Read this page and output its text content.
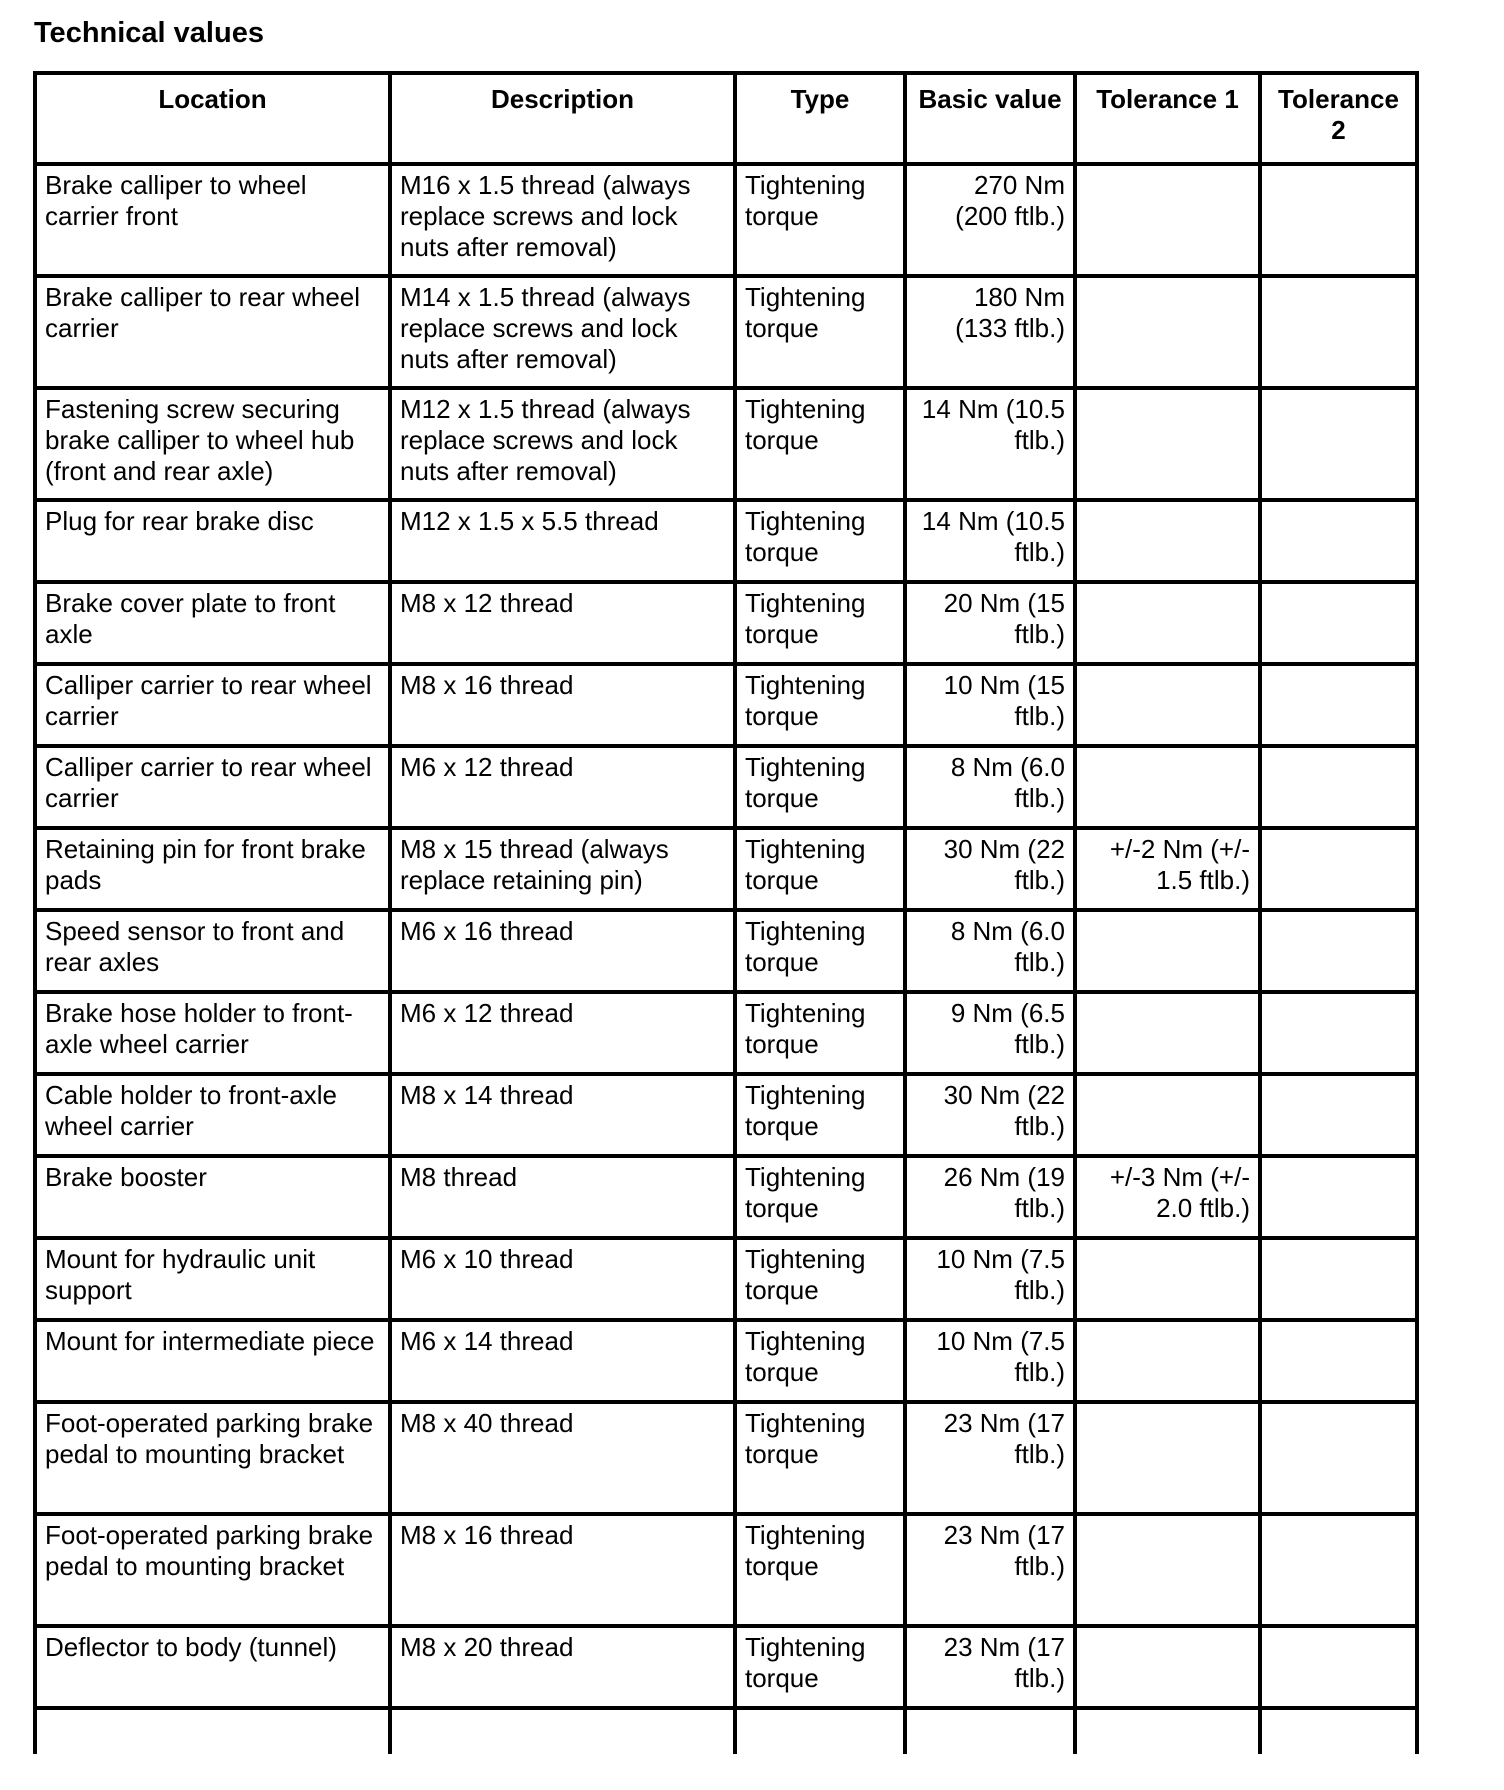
Technical values
Location	Description	Type	Basic value	Tolerance 1	Tolerance 2
Brake calliper to wheel carrier front	M16 x 1.5 thread (always replace screws and lock nuts after removal)	Tightening torque	270 Nm (200 ftlb.)		
Brake calliper to rear wheel carrier	M14 x 1.5 thread (always replace screws and lock nuts after removal)	Tightening torque	180 Nm (133 ftlb.)		
Fastening screw securing brake calliper to wheel hub (front and rear axle)	M12 x 1.5 thread (always replace screws and lock nuts after removal)	Tightening torque	14 Nm (10.5 ftlb.)		
Plug for rear brake disc	M12 x 1.5 x 5.5 thread	Tightening torque	14 Nm (10.5 ftlb.)		
Brake cover plate to front axle	M8 x 12 thread	Tightening torque	20 Nm (15 ftlb.)		
Calliper carrier to rear wheel carrier	M8 x 16 thread	Tightening torque	10 Nm (15 ftlb.)		
Calliper carrier to rear wheel carrier	M6 x 12 thread	Tightening torque	8 Nm (6.0 ftlb.)		
Retaining pin for front brake pads	M8 x 15 thread (always replace retaining pin)	Tightening torque	30 Nm (22 ftlb.)	+/-2 Nm (+/- 1.5 ftlb.)	
Speed sensor to front and rear axles	M6 x 16 thread	Tightening torque	8 Nm (6.0 ftlb.)		
Brake hose holder to front-axle wheel carrier	M6 x 12 thread	Tightening torque	9 Nm (6.5 ftlb.)		
Cable holder to front-axle wheel carrier	M8 x 14 thread	Tightening torque	30 Nm (22 ftlb.)		
Brake booster	M8 thread	Tightening torque	26 Nm (19 ftlb.)	+/-3 Nm (+/- 2.0 ftlb.)	
Mount for hydraulic unit support	M6 x 10 thread	Tightening torque	10 Nm (7.5 ftlb.)		
Mount for intermediate piece	M6 x 14 thread	Tightening torque	10 Nm (7.5 ftlb.)		
Foot-operated parking brake pedal to mounting bracket	M8 x 40 thread	Tightening torque	23 Nm (17 ftlb.)		
Foot-operated parking brake pedal to mounting bracket	M8 x 16 thread	Tightening torque	23 Nm (17 ftlb.)		
Deflector to body (tunnel)	M8 x 20 thread	Tightening torque	23 Nm (17 ftlb.)		
